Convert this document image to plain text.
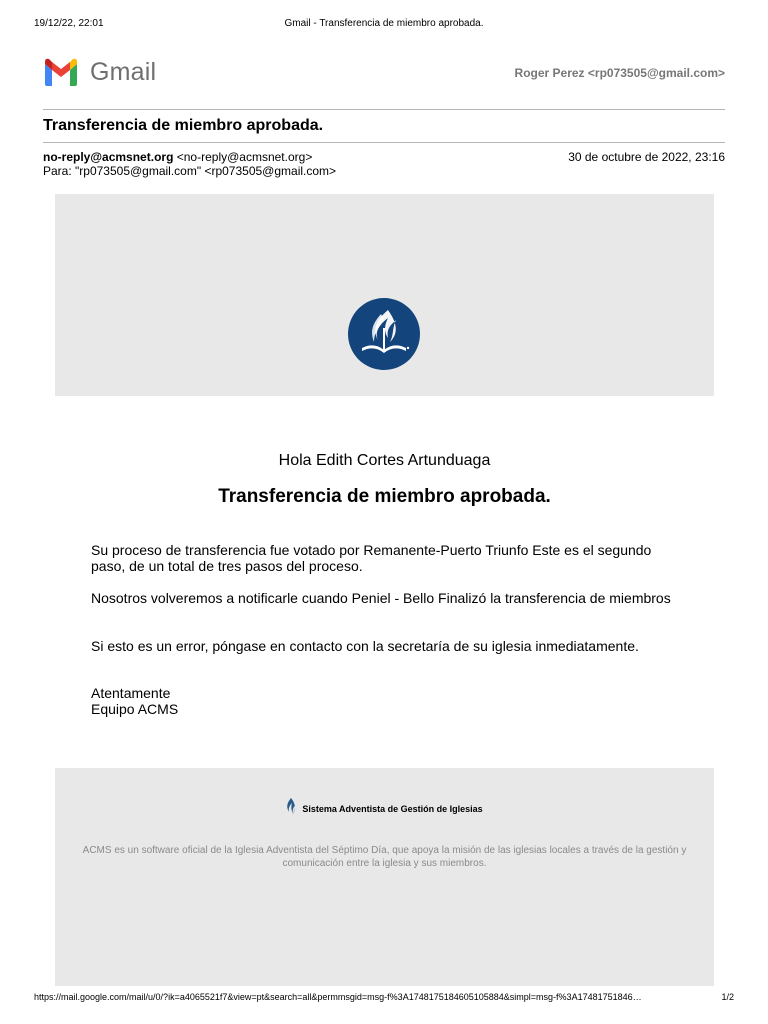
19/12/22, 22:01	Gmail - Transferencia de miembro aprobada.
Gmail	Roger Perez <rp073505@gmail.com>
Transferencia de miembro aprobada.
no-reply@acmsnet.org <no-reply@acmsnet.org>
Para: "rp073505@gmail.com" <rp073505@gmail.com>
30 de octubre de 2022, 23:16
Hola Edith Cortes Artunduaga
Transferencia de miembro aprobada.
Su proceso de transferencia fue votado por Remanente-Puerto Triunfo Este es el segundo paso, de un total de tres pasos del proceso.
Nosotros volveremos a notificarle cuando Peniel - Bello Finalizó la transferencia de miembros
Si esto es un error, póngase en contacto con la secretaría de su iglesia inmediatamente.
Atentamente
Equipo ACMS
Sistema Adventista de Gestión de Iglesias
ACMS es un software oficial de la Iglesia Adventista del Séptimo Día, que apoya la misión de las iglesias locales a través de la gestión y comunicación entre la iglesia y sus miembros.
https://mail.google.com/mail/u/0/?ik=a4065521f7&view=pt&search=all&permmsgid=msg-f%3A1748175184605105884&simpl=msg-f%3A17481751846…	1/2
